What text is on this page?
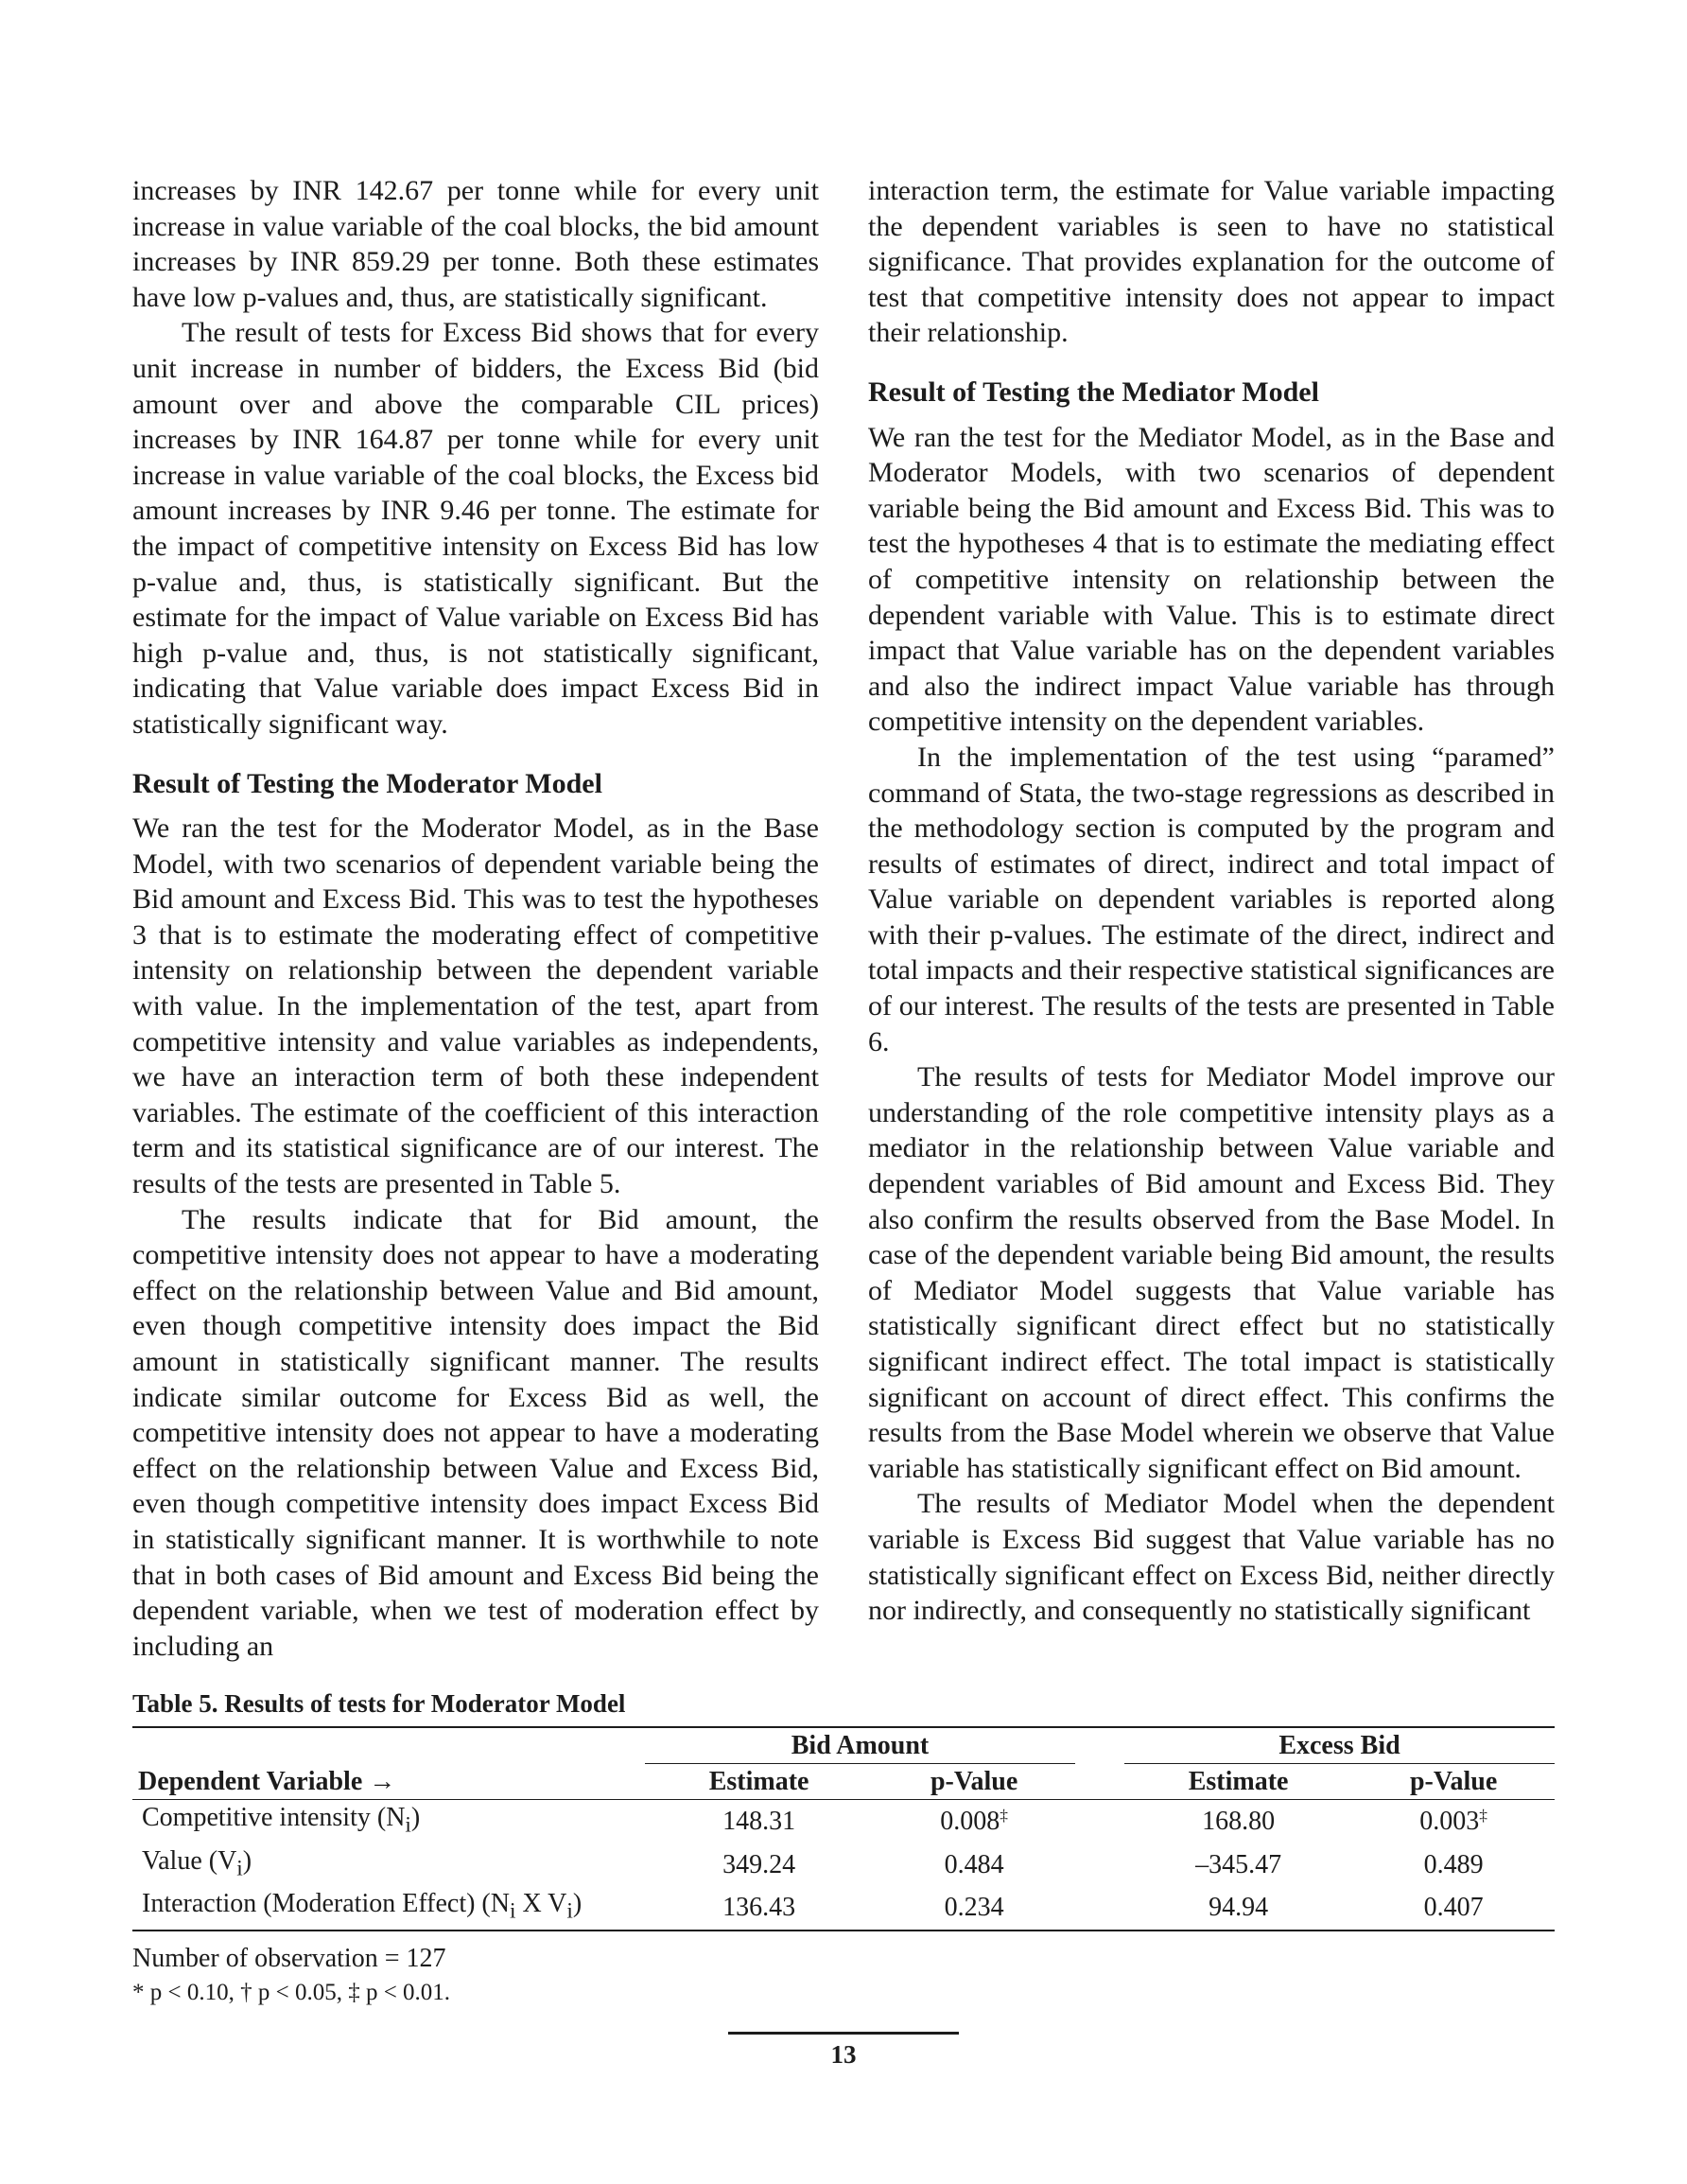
increases by INR 142.67 per tonne while for every unit increase in value variable of the coal blocks, the bid amount increases by INR 859.29 per tonne. Both these estimates have low p-values and, thus, are statistically significant.

The result of tests for Excess Bid shows that for every unit increase in number of bidders, the Excess Bid (bid amount over and above the comparable CIL prices) increases by INR 164.87 per tonne while for every unit increase in value variable of the coal blocks, the Excess bid amount increases by INR 9.46 per tonne. The estimate for the impact of competitive intensity on Excess Bid has low p-value and, thus, is statistically significant. But the estimate for the impact of Value variable on Excess Bid has high p-value and, thus, is not statistically significant, indicating that Value variable does impact Excess Bid in statistically significant way.

Result of Testing the Moderator Model

We ran the test for the Moderator Model, as in the Base Model, with two scenarios of dependent variable being the Bid amount and Excess Bid. This was to test the hypotheses 3 that is to estimate the moderating effect of competitive intensity on relationship between the dependent variable with value. In the implementation of the test, apart from competitive intensity and value variables as independents, we have an interaction term of both these independent variables. The estimate of the coefficient of this interaction term and its statistical significance are of our interest. The results of the tests are presented in Table 5.

The results indicate that for Bid amount, the competitive intensity does not appear to have a moderating effect on the relationship between Value and Bid amount, even though competitive intensity does impact the Bid amount in statistically significant manner. The results indicate similar outcome for Excess Bid as well, the competitive intensity does not appear to have a moderating effect on the relationship between Value and Excess Bid, even though competitive intensity does impact Excess Bid in statistically significant manner. It is worthwhile to note that in both cases of Bid amount and Excess Bid being the dependent variable, when we test of moderation effect by including an

interaction term, the estimate for Value variable impacting the dependent variables is seen to have no statistical significance. That provides explanation for the outcome of test that competitive intensity does not appear to impact their relationship.

Result of Testing the Mediator Model

We ran the test for the Mediator Model, as in the Base and Moderator Models, with two scenarios of dependent variable being the Bid amount and Excess Bid. This was to test the hypotheses 4 that is to estimate the mediating effect of competitive intensity on relationship between the dependent variable with Value. This is to estimate direct impact that Value variable has on the dependent variables and also the indirect impact Value variable has through competitive intensity on the dependent variables.

In the implementation of the test using “paramed” command of Stata, the two-stage regressions as described in the methodology section is computed by the program and results of estimates of direct, indirect and total impact of Value variable on dependent variables is reported along with their p-values. The estimate of the direct, indirect and total impacts and their respective statistical significances are of our interest. The results of the tests are presented in Table 6.

The results of tests for Mediator Model improve our understanding of the role competitive intensity plays as a mediator in the relationship between Value variable and dependent variables of Bid amount and Excess Bid. They also confirm the results observed from the Base Model. In case of the dependent variable being Bid amount, the results of Mediator Model suggests that Value variable has statistically significant direct effect but no statistically significant indirect effect. The total impact is statistically significant on account of direct effect. This confirms the results from the Base Model wherein we observe that Value variable has statistically significant effect on Bid amount.

The results of Mediator Model when the dependent variable is Excess Bid suggest that Value variable has no statistically significant effect on Excess Bid, neither directly nor indirectly, and consequently no statistically significant

Table 5. Results of tests for Moderator Model
	Bid Amount			Excess Bid	
Dependent Variable →	Estimate	p-Value		Estimate	p-Value
Competitive intensity $(N_i)$	148.31	0.008‡		168.80	0.003‡
Value $(V_i)$	349.24	0.484		–345.47	0.489
Interaction (Moderation Effect) ($N_i$ X $V_i$)	136.43	0.234		94.94	0.407
Number of observation = 127
* p < 0.10, † p < 0.05, ‡ p < 0.01.
13
